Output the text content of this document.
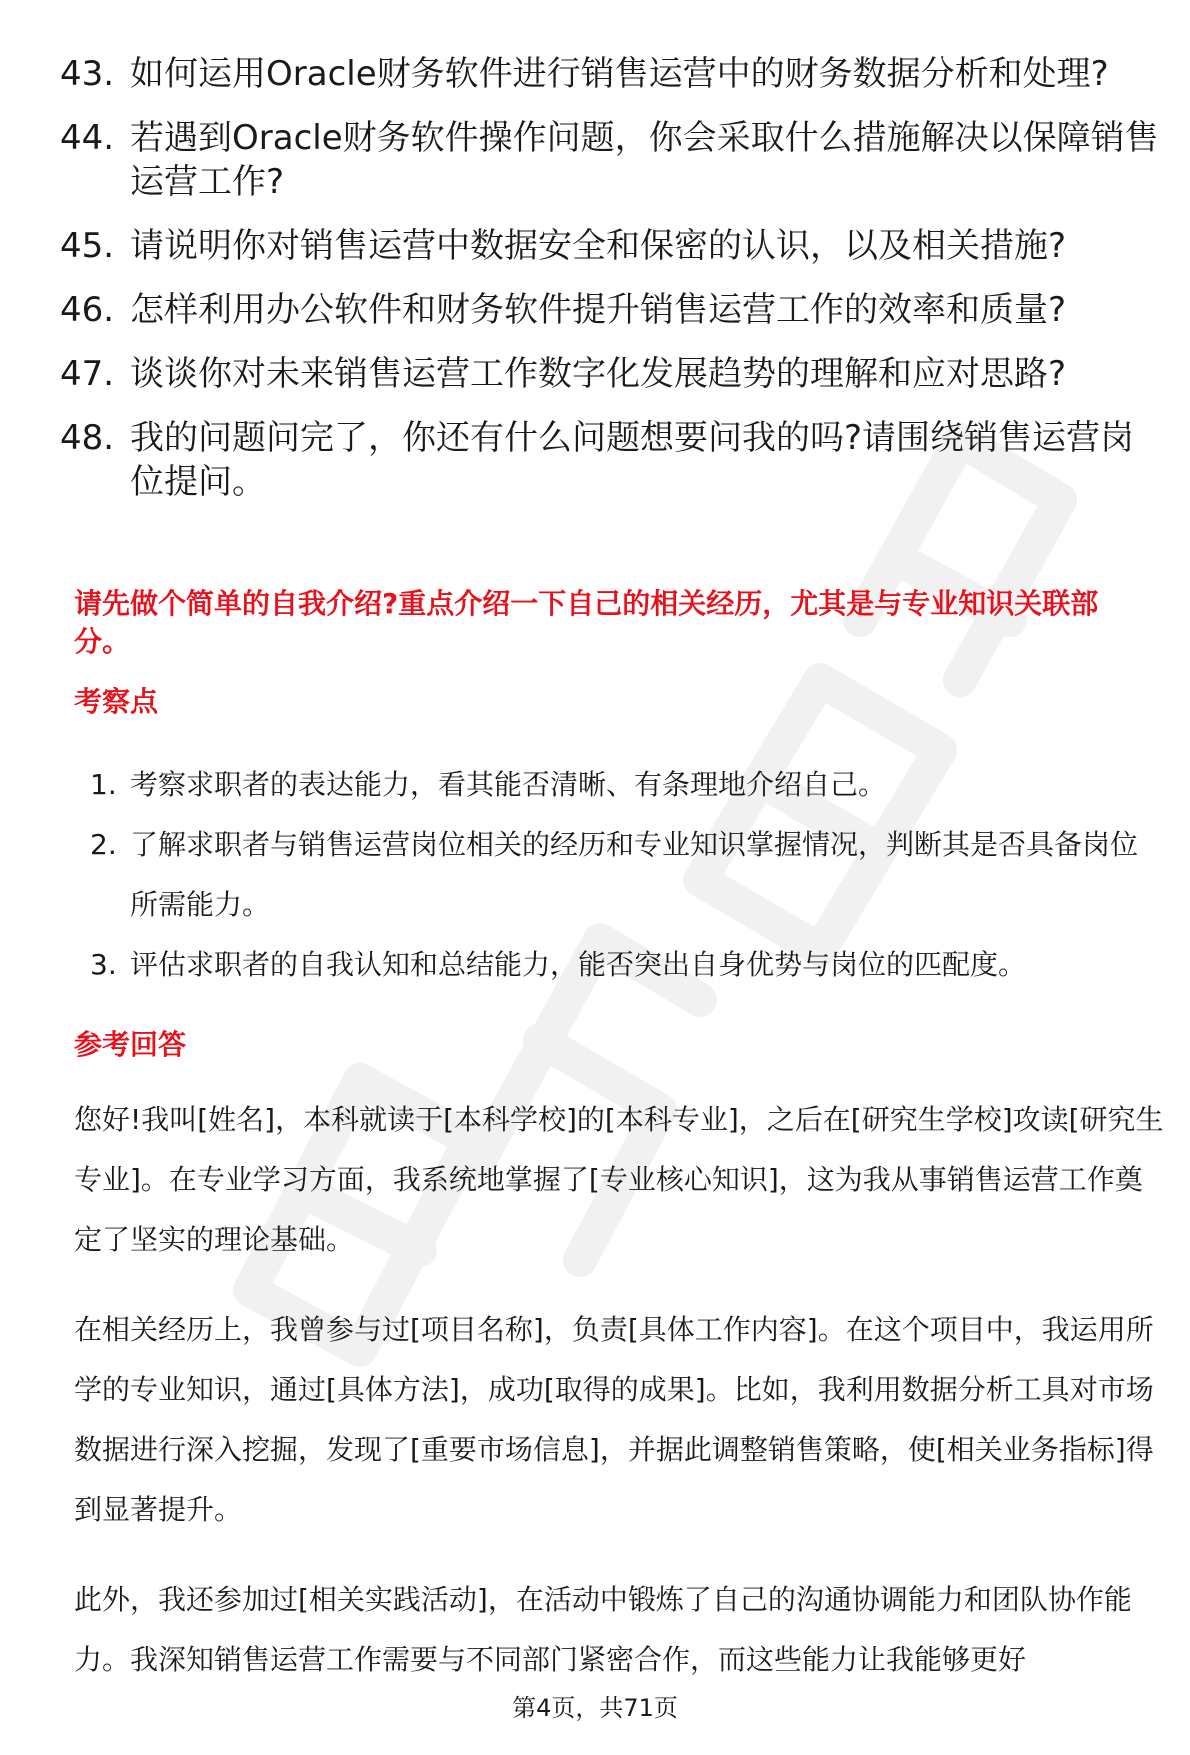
43. 如何运用Oracle财务软件进行销售运营中的财务数据分析和处理?
44. 若遇到Oracle财务软件操作问题，你会采取什么措施解决以保障销售运营工作?
45. 请说明你对销售运营中数据安全和保密的认识，以及相关措施?
46. 怎样利用办公软件和财务软件提升销售运营工作的效率和质量?
47. 谈谈你对未来销售运营工作数字化发展趋势的理解和应对思路?
48. 我的问题问完了，你还有什么问题想要问我的吗?请围绕销售运营岗位提问。
请先做个简单的自我介绍?重点介绍一下自己的相关经历，尤其是与专业知识关联部分。
考察点
1. 考察求职者的表达能力，看其能否清晰、有条理地介绍自己。
2. 了解求职者与销售运营岗位相关的经历和专业知识掌握情况，判断其是否具备岗位所需能力。
3. 评估求职者的自我认知和总结能力，能否突出自身优势与岗位的匹配度。
参考回答

您好!我叫[姓名]，本科就读于[本科学校]的[本科专业]，之后在[研究生学校]攻读[研究生专业]。在专业学习方面，我系统地掌握了[专业核心知识]，这为我从事销售运营工作奠定了坚实的理论基础。

在相关经历上，我曾参与过[项目名称]，负责[具体工作内容]。在这个项目中，我运用所学的专业知识，通过[具体方法]，成功[取得的成果]。比如，我利用数据分析工具对市场数据进行深入挖掘，发现了[重要市场信息]，并据此调整销售策略，使[相关业务指标]得到显著提升。

此外，我还参加过[相关实践活动]，在活动中锻炼了自己的沟通协调能力和团队协作能力。我深知销售运营工作需要与不同部门紧密合作，而这些能力让我能够更好

第4页，共71页
